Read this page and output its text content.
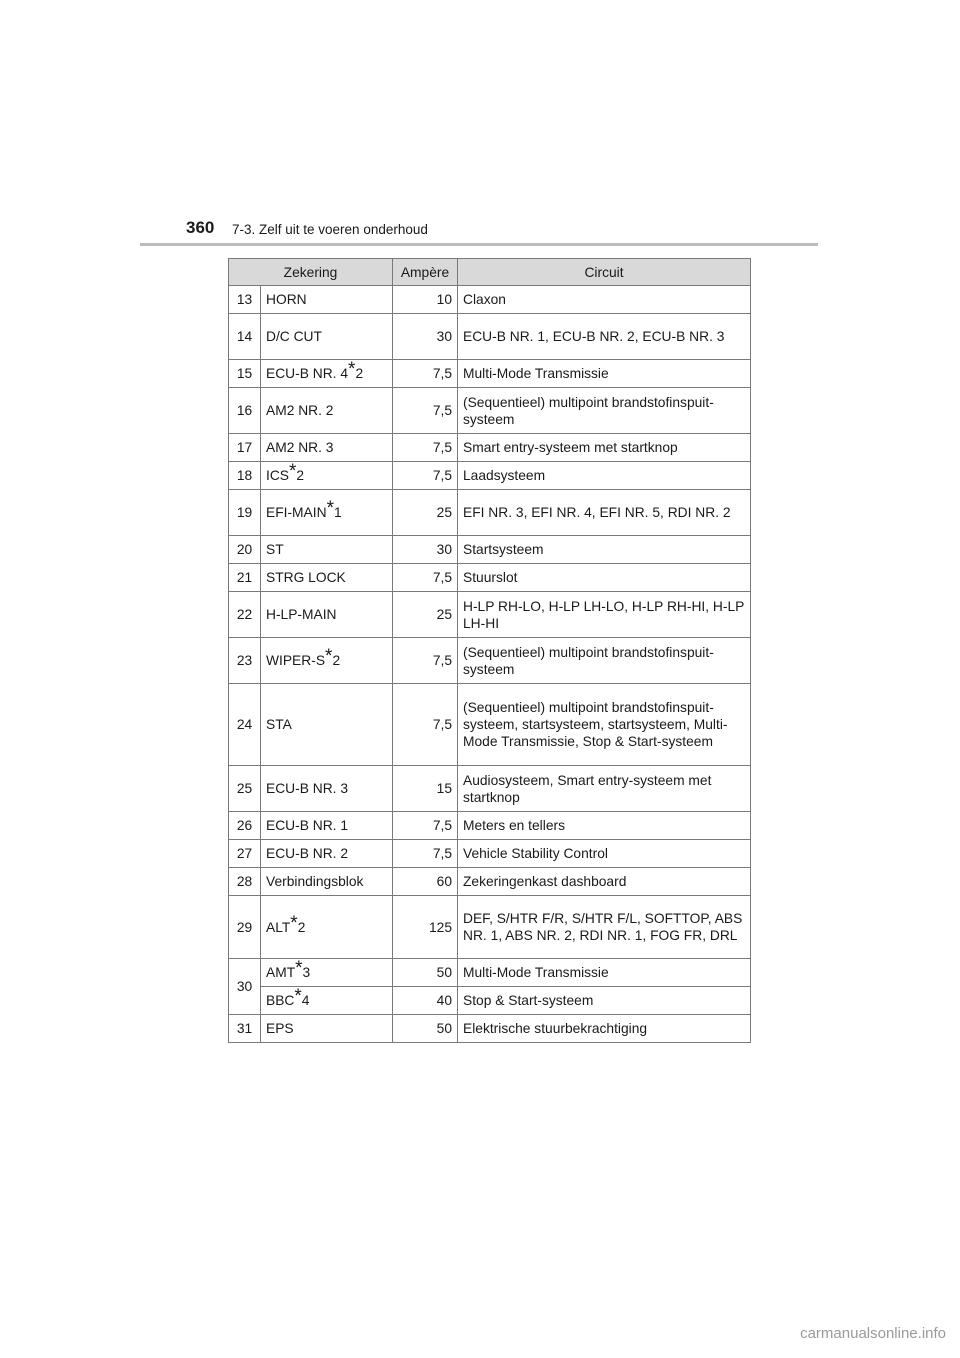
360 7-3. Zelf uit te voeren onderhoud
Zekering		Ampère	Circuit
13	HORN	10	Claxon
14	D/C CUT	30	ECU-B NR. 1, ECU-B NR. 2, ECU-B NR. 3
15	ECU-B NR. 4*2	7,5	Multi-Mode Transmissie
16	AM2 NR. 2	7,5	(Sequentieel) multipoint brandstofinspuit-systeem
17	AM2 NR. 3	7,5	Smart entry-systeem met startknop
18	ICS*2	7,5	Laadsysteem
19	EFI-MAIN*1	25	EFI NR. 3, EFI NR. 4, EFI NR. 5, RDI NR. 2
20	ST	30	Startsysteem
21	STRG LOCK	7,5	Stuurslot
22	H-LP-MAIN	25	H-LP RH-LO, H-LP LH-LO, H-LP RH-HI, H-LP LH-HI
23	WIPER-S*2	7,5	(Sequentieel) multipoint brandstofinspuit-systeem
24	STA	7,5	(Sequentieel) multipoint brandstofinspuit-systeem, startsysteem, startsysteem, Multi-Mode Transmissie, Stop & Start-systeem
25	ECU-B NR. 3	15	Audiosysteem, Smart entry-systeem met startknop
26	ECU-B NR. 1	7,5	Meters en tellers
27	ECU-B NR. 2	7,5	Vehicle Stability Control
28	Verbindingsblok	60	Zekeringenkast dashboard
29	ALT*2	125	DEF, S/HTR F/R, S/HTR F/L, SOFTTOP, ABS NR. 1, ABS NR. 2, RDI NR. 1, FOG FR, DRL
30	AMT*3	50	Multi-Mode Transmissie
	BBC*4	40	Stop & Start-systeem
31	EPS	50	Elektrische stuurbekrachtiging
carmanualsonline.info
